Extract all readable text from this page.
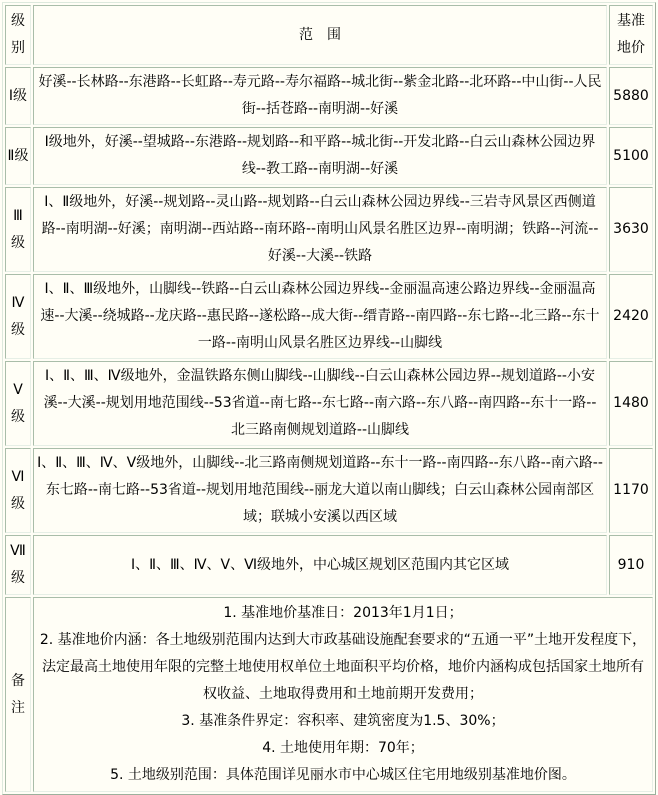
级别	范　围	基准地价
Ⅰ级	好溪--长林路--东港路--长虹路--寿元路--寿尔福路--城北街--紫金北路--北环路--中山街--人民街--括苍路--南明湖--好溪	5880
Ⅱ级	Ⅰ级地外，好溪--望城路--东港路--规划路--和平路--城北街--开发北路--白云山森林公园边界线--教工路--南明湖--好溪	5100
Ⅲ级	Ⅰ、Ⅱ级地外，好溪--规划路--灵山路--规划路--白云山森林公园边界线--三岩寺风景区西侧道路--南明湖--好溪；南明湖--西站路--南环路--南明山风景名胜区边界--南明湖；铁路--河流--好溪--大溪--铁路	3630
Ⅳ级	Ⅰ、Ⅱ、Ⅲ级地外，山脚线--铁路--白云山森林公园边界线--金丽温高速公路边界线--金丽温高速--大溪--绕城路--龙庆路--惠民路--遂松路--成大街--缙青路--南四路--东七路--北三路--东十一路--南明山风景名胜区边界线--山脚线	2420
Ⅴ级	Ⅰ、Ⅱ、Ⅲ、Ⅳ级地外，金温铁路东侧山脚线--山脚线--白云山森林公园边界--规划道路--小安溪--大溪--规划用地范围线--53省道--南七路--东七路--南六路--东八路--南四路--东十一路--北三路南侧规划道路--山脚线	1480
Ⅵ级	Ⅰ、Ⅱ、Ⅲ、Ⅳ、Ⅴ级地外，山脚线--北三路南侧规划道路--东十一路--南四路--东八路--南六路--东七路--南七路--53省道--规划用地范围线--丽龙大道以南山脚线；白云山森林公园南部区域；联城小安溪以西区域	1170
Ⅶ级	Ⅰ、Ⅱ、Ⅲ、Ⅳ、Ⅴ、Ⅵ级地外，中心城区规划区范围内其它区域	910
备注	1. 基准地价基准日：2013年1月1日；

2. 基准地价内涵：各土地级别范围内达到大市政基础设施配套要求的“五通一平”土地开发程度下，法定最高土地使用年限的完整土地使用权单位土地面积平均价格，地价内涵构成包括国家土地所有权收益、土地取得费用和土地前期开发费用；

3. 基准条件界定：容积率、建筑密度为1.5、30%；

4. 土地使用年期：70年；

5. 土地级别范围：具体范围详见丽水市中心城区住宅用地级别基准地价图。	
